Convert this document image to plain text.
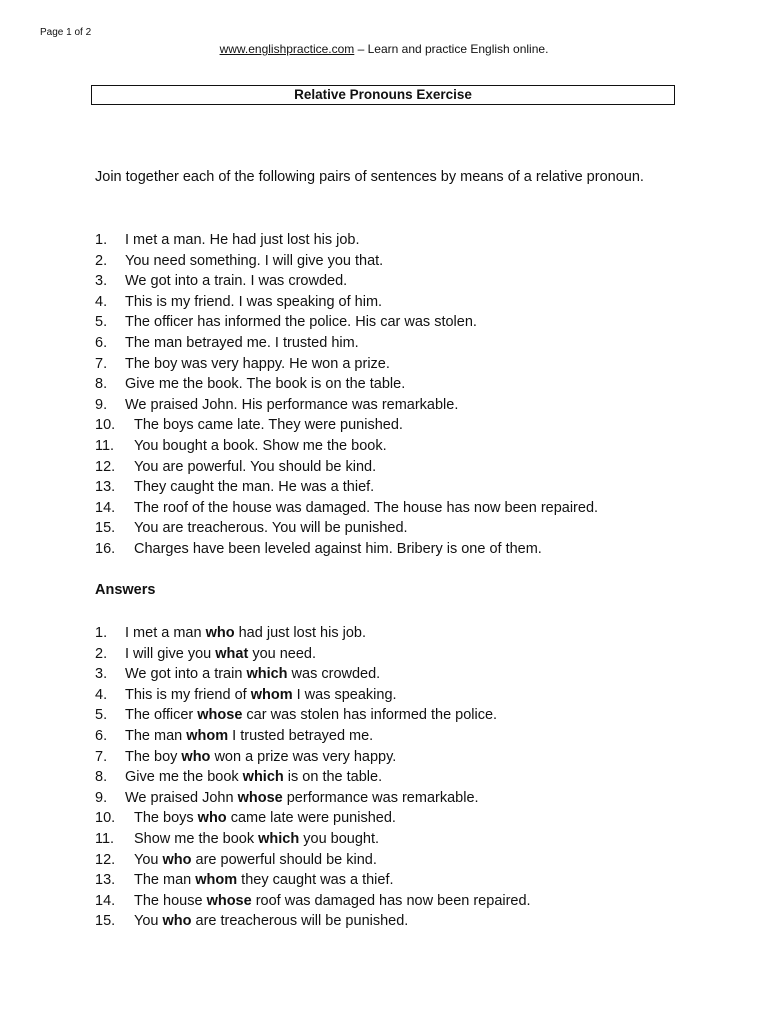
Page 1 of 2
www.englishpractice.com – Learn and practice English online.
Relative Pronouns Exercise
Join together each of the following pairs of sentences by means of a relative pronoun.
1. I met a man. He had just lost his job.
2. You need something. I will give you that.
3. We got into a train. I was crowded.
4. This is my friend. I was speaking of him.
5. The officer has informed the police. His car was stolen.
6. The man betrayed me. I trusted him.
7. The boy was very happy. He won a prize.
8. Give me the book. The book is on the table.
9. We praised John. His performance was remarkable.
10. The boys came late. They were punished.
11. You bought a book. Show me the book.
12. You are powerful. You should be kind.
13. They caught the man. He was a thief.
14. The roof of the house was damaged. The house has now been repaired.
15. You are treacherous. You will be punished.
16. Charges have been leveled against him. Bribery is one of them.
Answers
1. I met a man who had just lost his job.
2. I will give you what you need.
3. We got into a train which was crowded.
4. This is my friend of whom I was speaking.
5. The officer whose car was stolen has informed the police.
6. The man whom I trusted betrayed me.
7. The boy who won a prize was very happy.
8. Give me the book which is on the table.
9. We praised John whose performance was remarkable.
10. The boys who came late were punished.
11. Show me the book which you bought.
12. You who are powerful should be kind.
13. The man whom they caught was a thief.
14. The house whose roof was damaged has now been repaired.
15. You who are treacherous will be punished.
